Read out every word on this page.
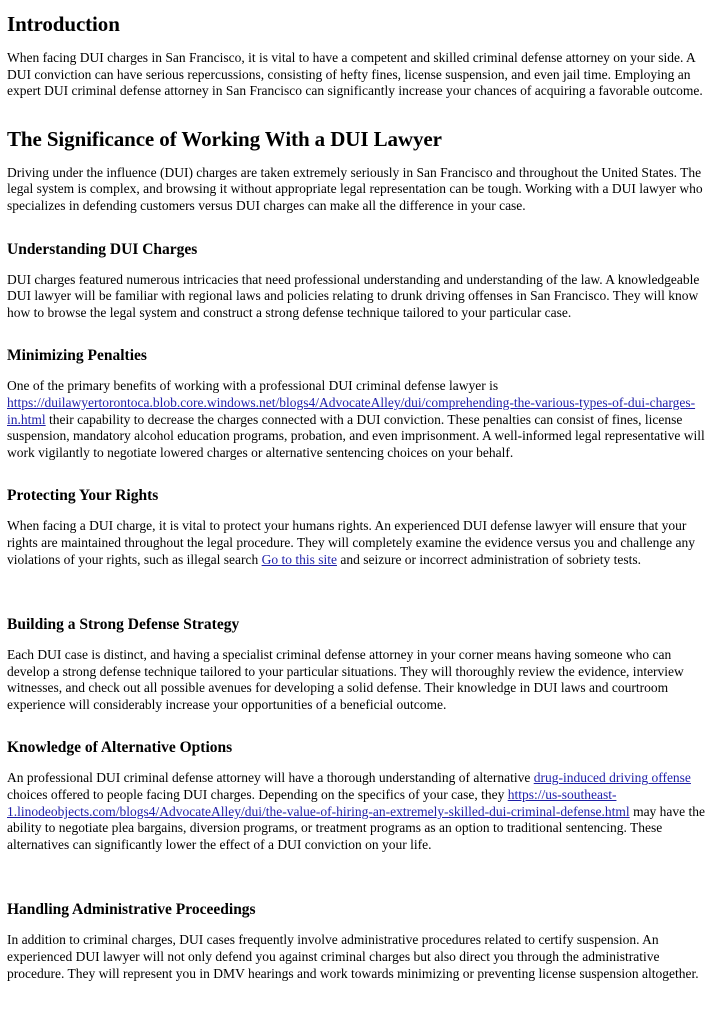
Introduction

When facing DUI charges in San Francisco, it is vital to have a competent and skilled criminal defense attorney on your side. A DUI conviction can have serious repercussions, consisting of hefty fines, license suspension, and even jail time. Employing an expert DUI criminal defense attorney in San Francisco can significantly increase your chances of acquiring a favorable outcome.

The Significance of Working With a DUI Lawyer

Driving under the influence (DUI) charges are taken extremely seriously in San Francisco and throughout the United States. The legal system is complex, and browsing it without appropriate legal representation can be tough. Working with a DUI lawyer who specializes in defending customers versus DUI charges can make all the difference in your case.

Understanding DUI Charges

DUI charges featured numerous intricacies that need professional understanding and understanding of the law. A knowledgeable DUI lawyer will be familiar with regional laws and policies relating to drunk driving offenses in San Francisco. They will know how to browse the legal system and construct a strong defense technique tailored to your particular case.

Minimizing Penalties

One of the primary benefits of working with a professional DUI criminal defense lawyer is https://duilawyertorontoca.blob.core.windows.net/blogs4/AdvocateAlley/dui/comprehending-the-various-types-of-dui-charges-in.html their capability to decrease the charges connected with a DUI conviction. These penalties can consist of fines, license suspension, mandatory alcohol education programs, probation, and even imprisonment. A well-informed legal representative will work vigilantly to negotiate lowered charges or alternative sentencing choices on your behalf.

Protecting Your Rights

When facing a DUI charge, it is vital to protect your humans rights. An experienced DUI defense lawyer will ensure that your rights are maintained throughout the legal procedure. They will completely examine the evidence versus you and challenge any violations of your rights, such as illegal search Go to this site and seizure or incorrect administration of sobriety tests.

Building a Strong Defense Strategy

Each DUI case is distinct, and having a specialist criminal defense attorney in your corner means having someone who can develop a strong defense technique tailored to your particular situations. They will thoroughly review the evidence, interview witnesses, and check out all possible avenues for developing a solid defense. Their knowledge in DUI laws and courtroom experience will considerably increase your opportunities of a beneficial outcome.

Knowledge of Alternative Options

An professional DUI criminal defense attorney will have a thorough understanding of alternative drug-induced driving offense choices offered to people facing DUI charges. Depending on the specifics of your case, they https://us-southeast-1.linodeobjects.com/blogs4/AdvocateAlley/dui/the-value-of-hiring-an-extremely-skilled-dui-criminal-defense.html may have the ability to negotiate plea bargains, diversion programs, or treatment programs as an option to traditional sentencing. These alternatives can significantly lower the effect of a DUI conviction on your life.

Handling Administrative Proceedings

In addition to criminal charges, DUI cases frequently involve administrative procedures related to certify suspension. An experienced DUI lawyer will not only defend you against criminal charges but also direct you through the administrative procedure. They will represent you in DMV hearings and work towards minimizing or preventing license suspension altogether.
